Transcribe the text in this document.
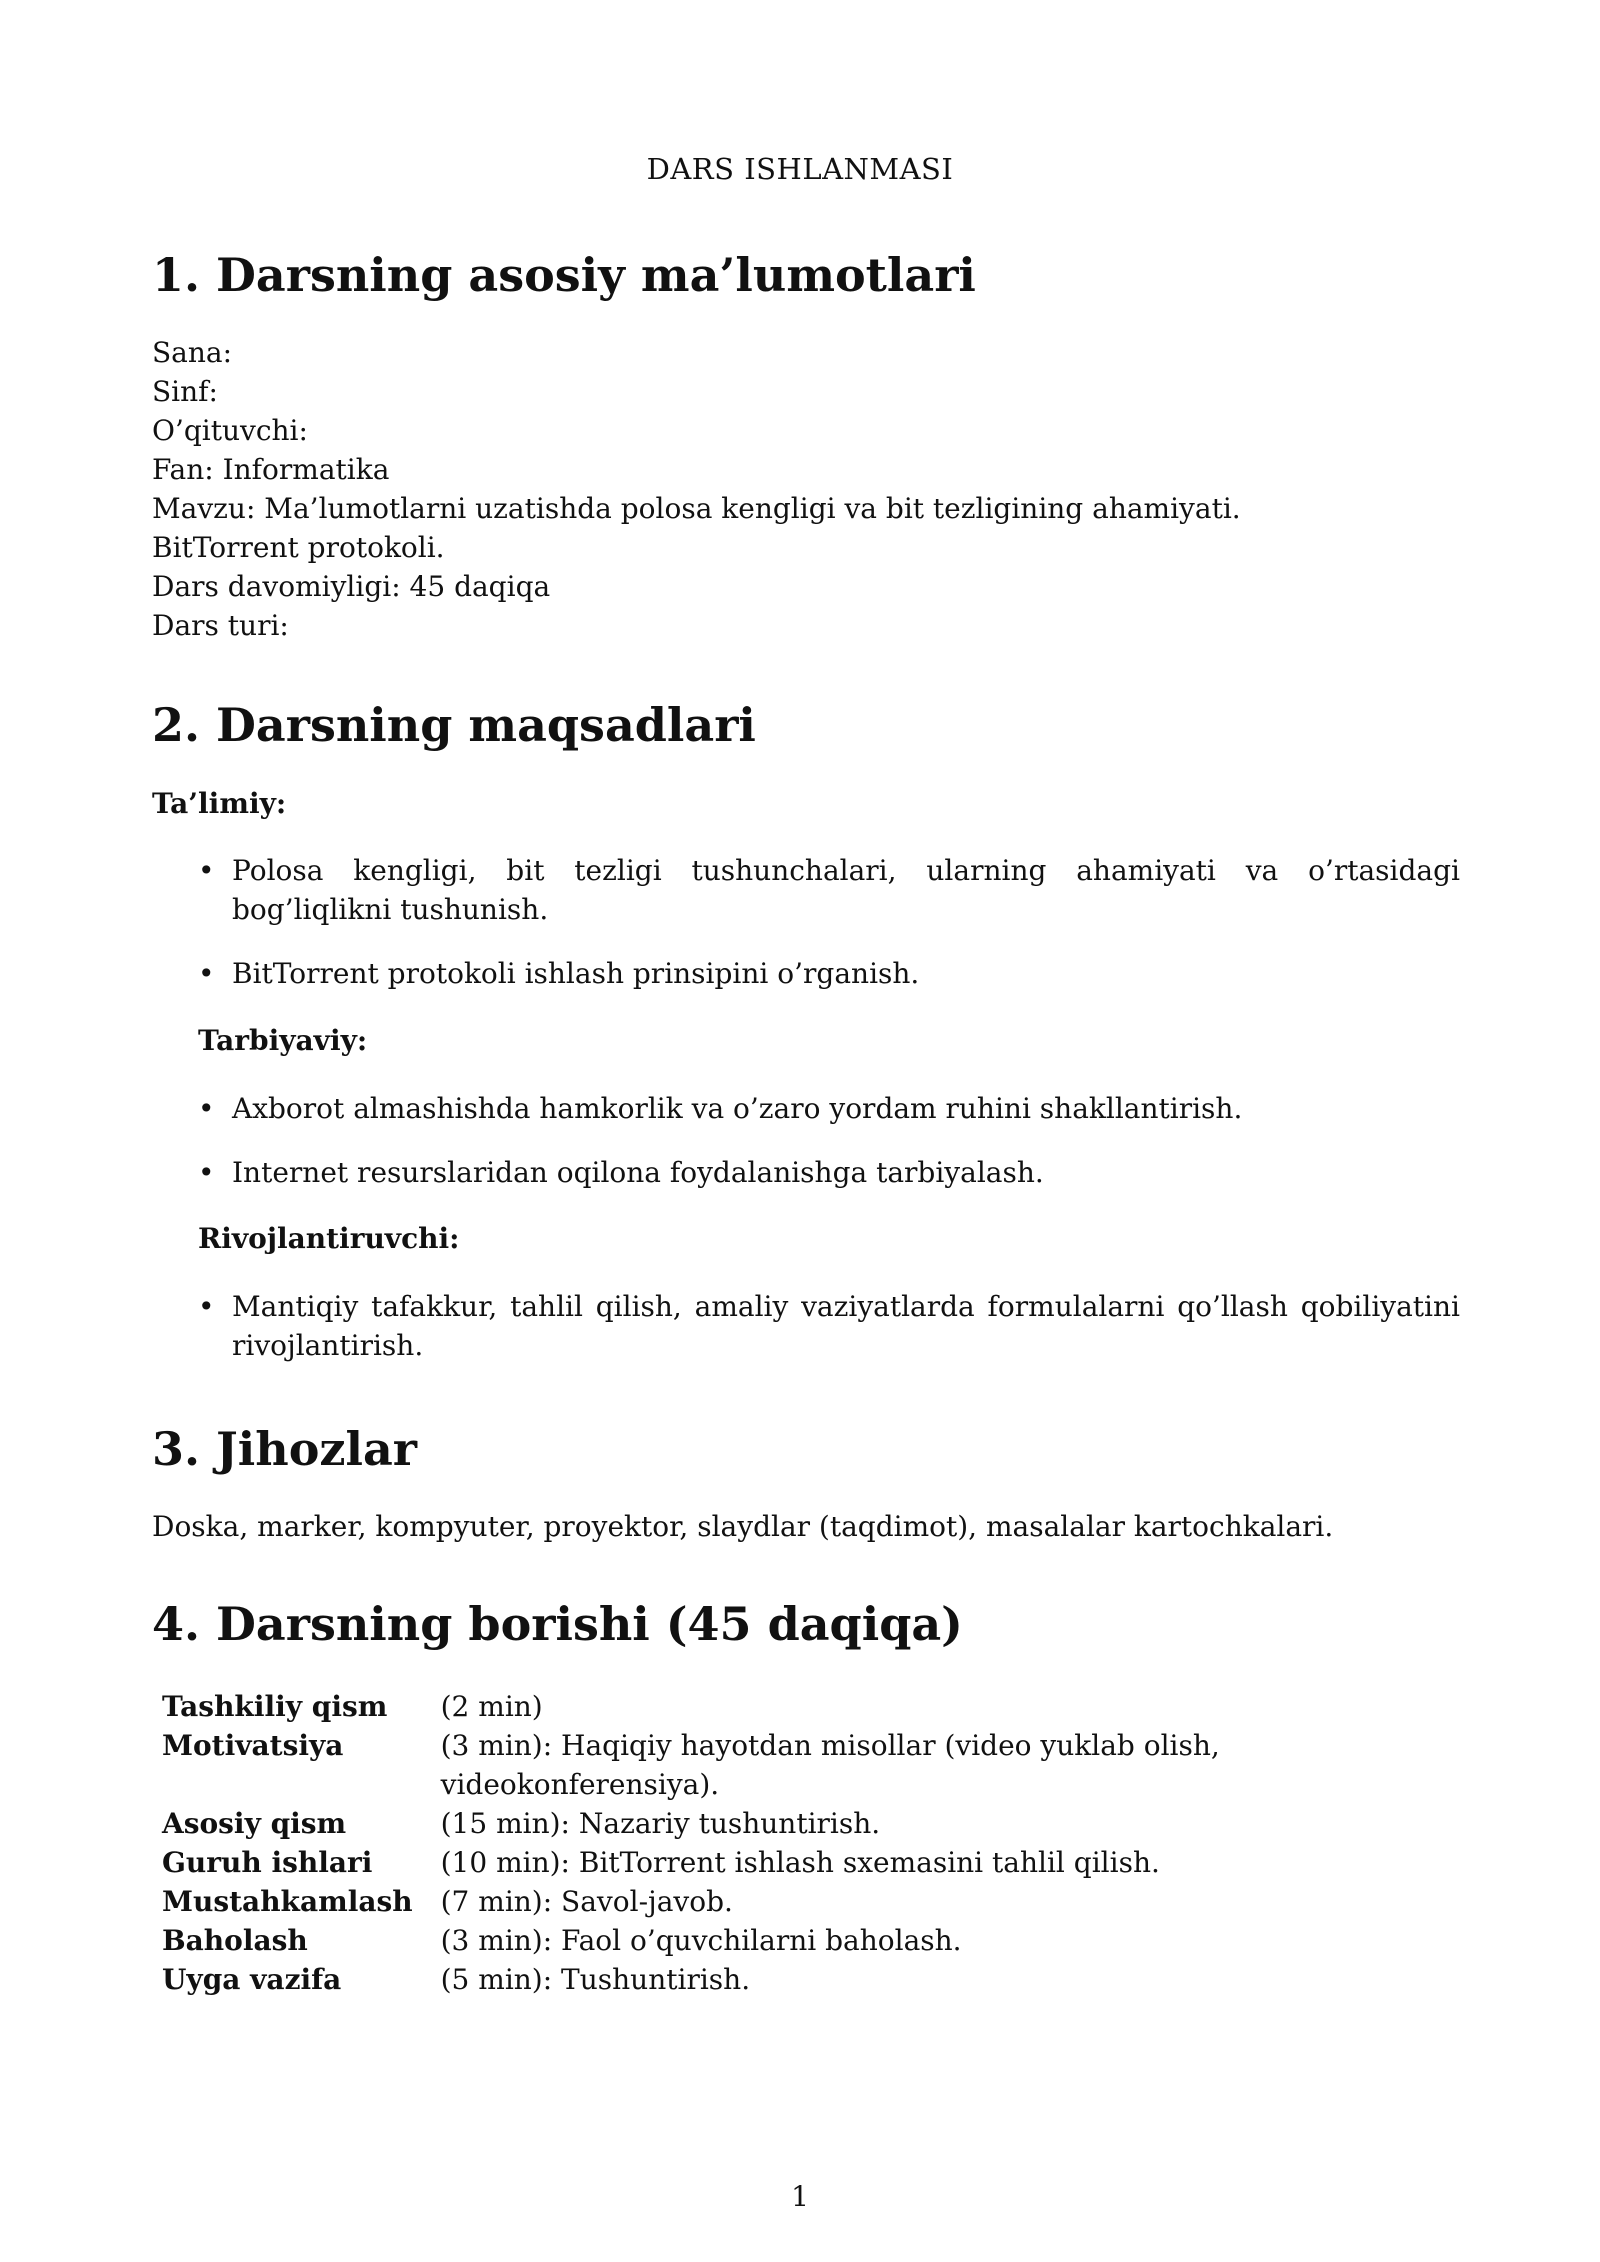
DARS ISHLANMASI
1. Darsning asosiy ma’lumotlari
Sana:
Sinf:
O’qituvchi:
Fan: Informatika
Mavzu: Ma’lumotlarni uzatishda polosa kengligi va bit tezligining ahamiyati. BitTorrent protokoli.
Dars davomiyligi: 45 daqiqa
Dars turi:
2. Darsning maqsadlari
Ta’limiy:
• Polosa kengligi, bit tezligi tushunchalari, ularning ahamiyati va o’rtasidagi bog’liqlikni tushunish.
• BitTorrent protokoli ishlash prinsipini o’rganish.
Tarbiyaviy:
• Axborot almashishda hamkorlik va o’zaro yordam ruhini shakllantirish.
• Internet resurslaridan oqilona foydalanishga tarbiyalash.
Rivojlantiruvchi:
• Mantiqiy tafakkur, tahlil qilish, amaliy vaziyatlarda formulalarni qo’llash qobiliyatini rivojlantirish.
3. Jihozlar
Doska, marker, kompyuter, proyektor, slaydlar (taqdimot), masalalar kartochkalari.
4. Darsning borishi (45 daqiqa)
Tashkiliy qism	(2 min)
Motivatsiya	(3 min): Haqiqiy hayotdan misollar (video yuklab olish, videokonferensiya).
Asosiy qism	(15 min): Nazariy tushuntirish.
Guruh ishlari	(10 min): BitTorrent ishlash sxemasini tahlil qilish.
Mustahkamlash	(7 min): Savol-javob.
Baholash	(3 min): Faol o’quvchilarni baholash.
Uyga vazifa	(5 min): Tushuntirish.
1
